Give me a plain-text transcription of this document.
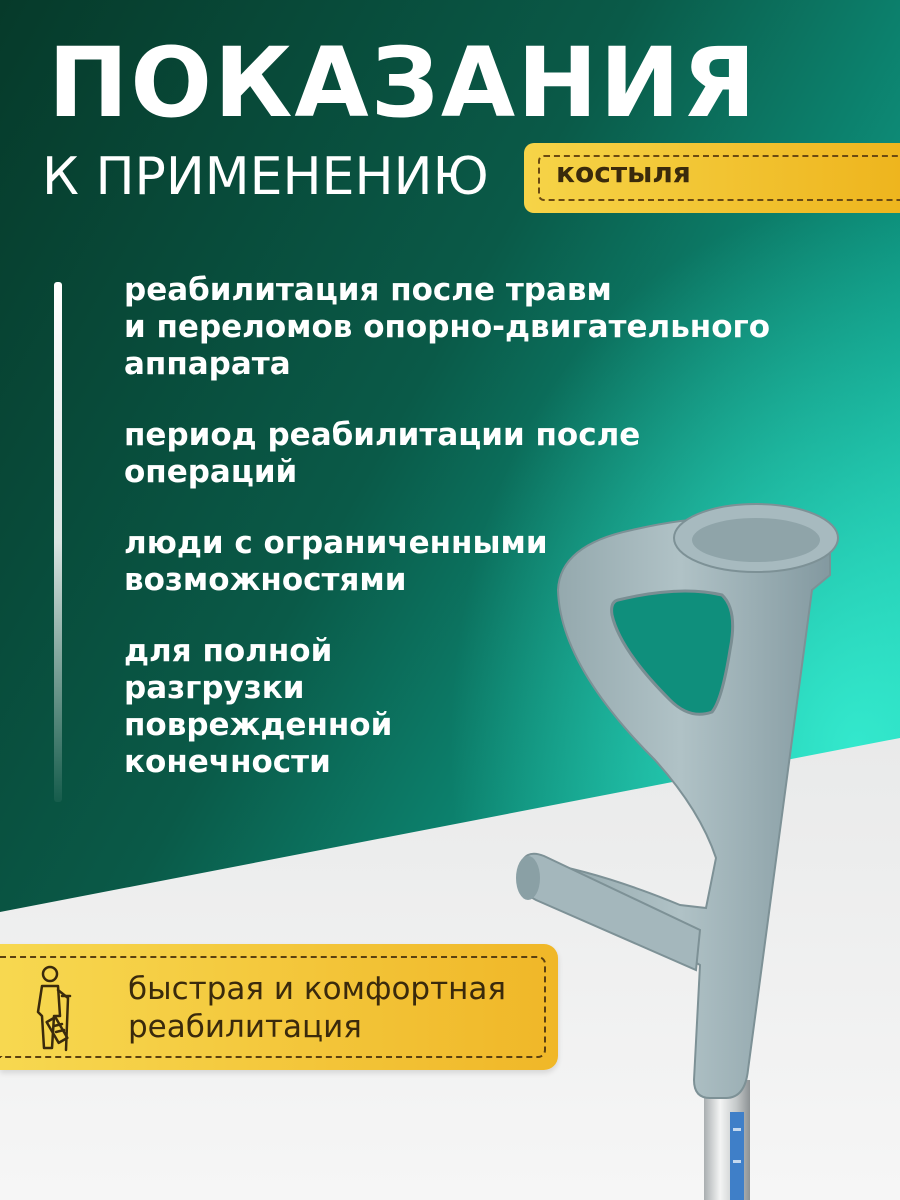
ПОКАЗАНИЯ
К ПРИМЕНЕНИЮ костыля
реабилитация после травм
и переломов опорно-двигательного
аппарата
период реабилитации после операций
люди с ограниченными
возможностями
для полной
разгрузки
поврежденной
конечности
быстрая и комфортная
реабилитация
